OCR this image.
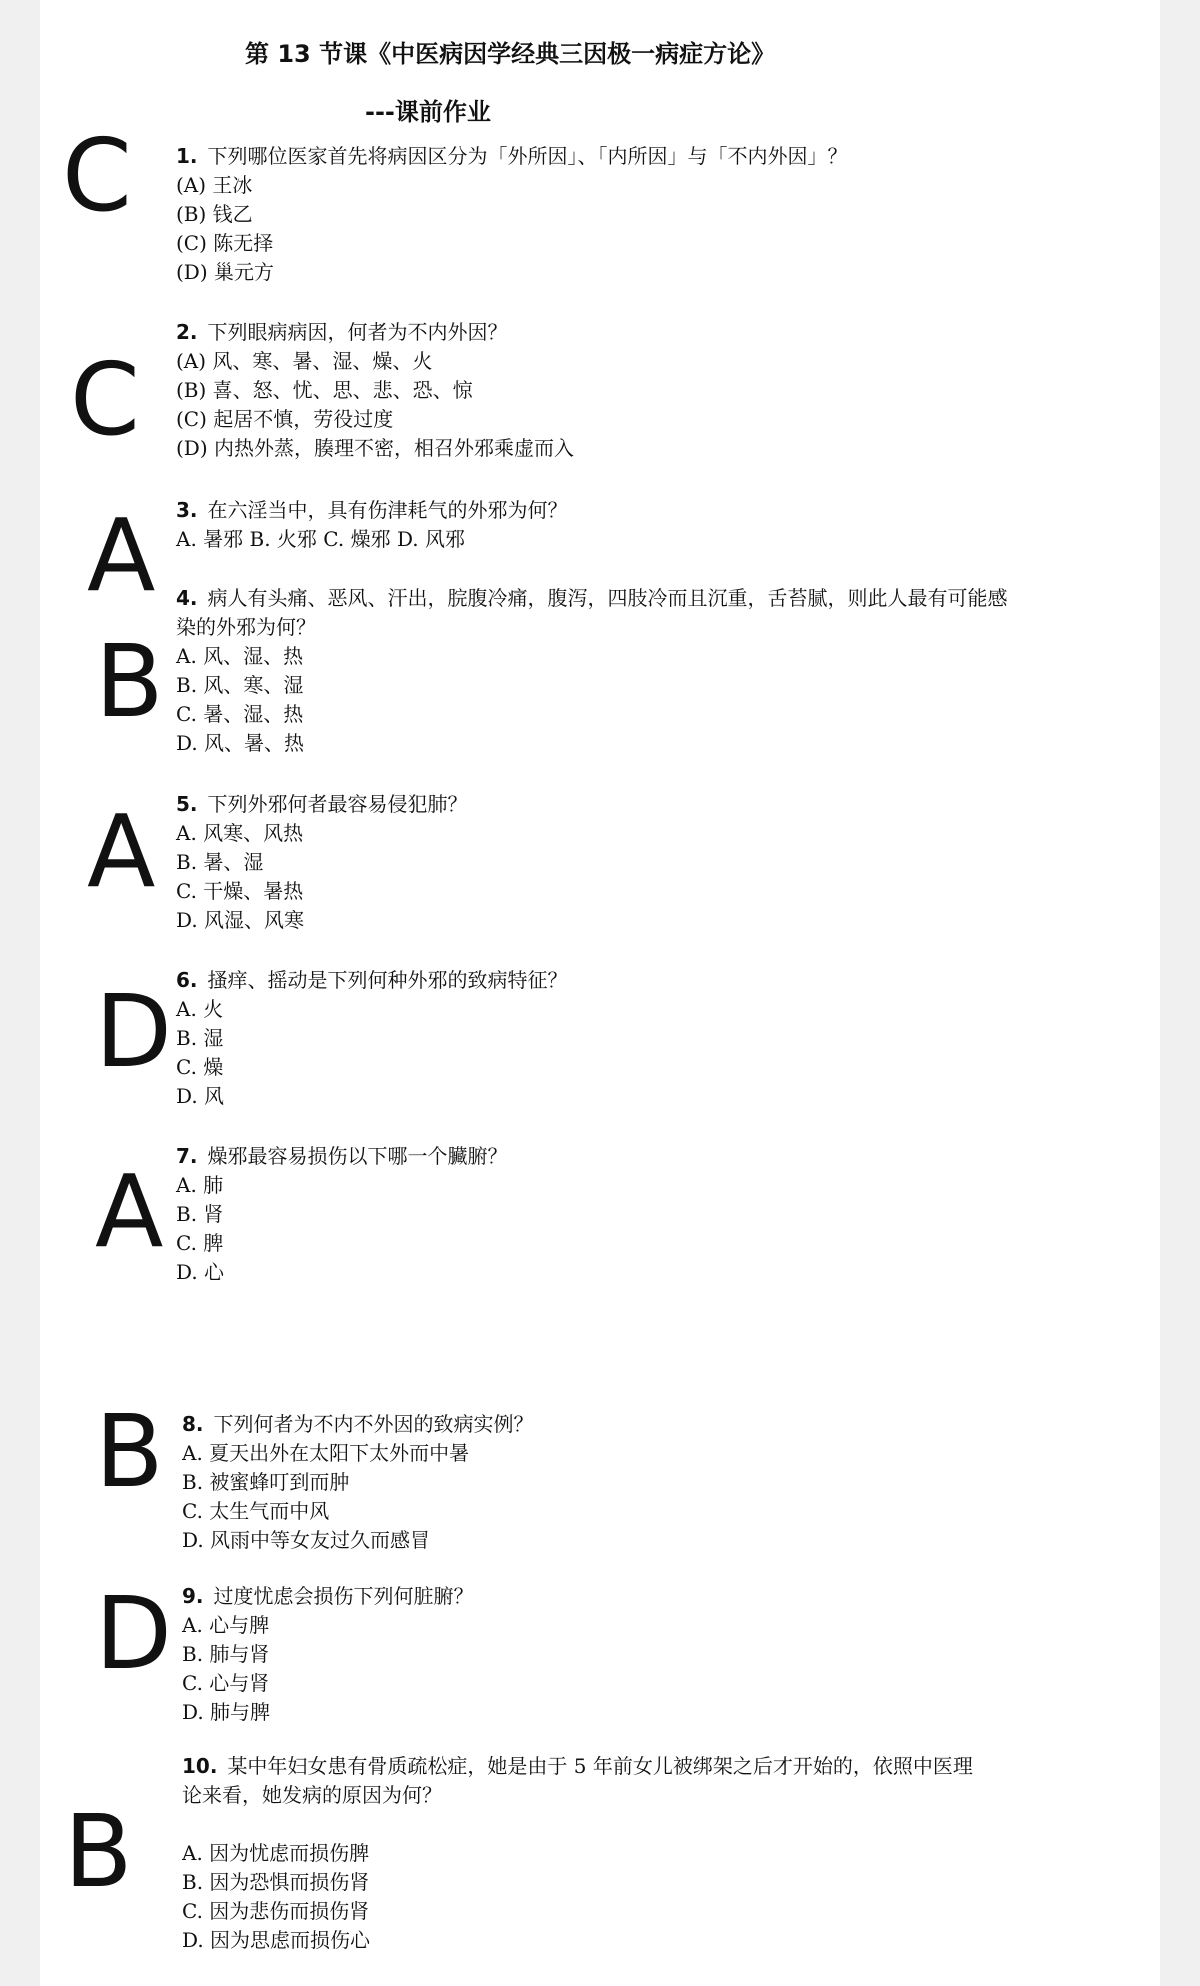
第 13 节课《中医病因学经典三因极一病症方论》
---课前作业
C 1. 下列哪位医家首先将病因区分为「外所因」、「内所因」与「不内外因」？
(A) 王冰
(B) 钱乙
(C) 陈无择
(D) 巢元方
C
2. 下列眼病病因，何者为不内外因？
(A) 风、寒、暑、湿、燥、火
(B) 喜、怒、忧、思、悲、恐、惊
(C) 起居不慎，劳役过度
(D) 内热外蒸，腠理不密，相召外邪乘虚而入
A 3. 在六淫当中，具有伤津耗气的外邪为何？
A. 暑邪 B. 火邪 C. 燥邪 D. 风邪
B
4. 病人有头痛、恶风、汗出，脘腹冷痛，腹泻，四肢冷而且沉重，舌苔腻，则此人最有可能感染的外邪为何？
A. 风、湿、热
B. 风、寒、湿
C. 暑、湿、热
D. 风、暑、热
A 5. 下列外邪何者最容易侵犯肺？
A. 风寒、风热
B. 暑、湿
C. 干燥、暑热
D. 风湿、风寒
D 6. 搔痒、摇动是下列何种外邪的致病特征？
A. 火
B. 湿
C. 燥
D. 风
A 7. 燥邪最容易损伤以下哪一个臟腑？
A. 肺
B. 肾
C. 脾
D. 心
B 8. 下列何者为不内不外因的致病实例？
A. 夏天出外在太阳下太外而中暑
B. 被蜜蜂叮到而肿
C. 太生气而中风
D. 风雨中等女友过久而感冒
D 9. 过度忧虑会损伤下列何脏腑？
A. 心与脾
B. 肺与肾
C. 心与肾
D. 肺与脾
B
10. 某中年妇女患有骨质疏松症，她是由于 5 年前女儿被绑架之后才开始的，依照中医理论来看，她发病的原因为何？
A. 因为忧虑而损伤脾
B. 因为恐惧而损伤肾
C. 因为悲伤而损伤肾
D. 因为思虑而损伤心
